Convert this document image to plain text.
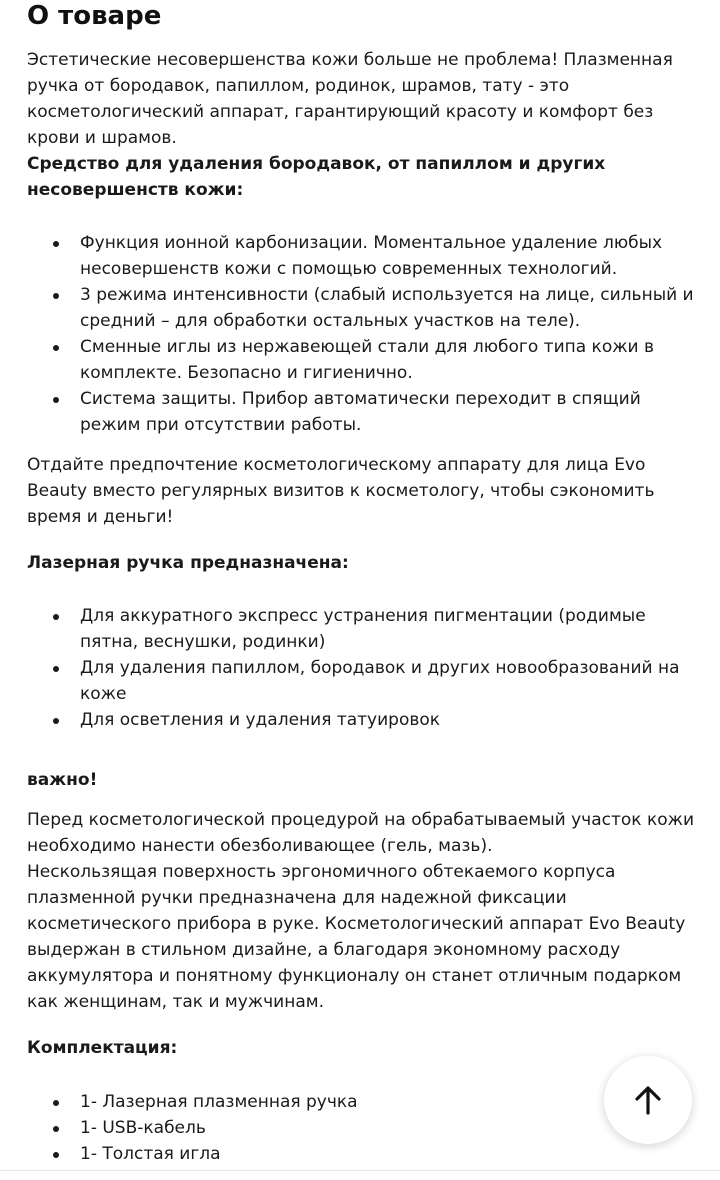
О товаре

Эстетические несовершенства кожи больше не проблема! Плазменная ручка от бородавок, папиллом, родинок, шрамов, тату - это косметологический аппарат, гарантирующий красоту и комфорт без крови и шрамов.

Средство для удаления бородавок, от папиллом и других несовершенств кожи:

Функция ионной карбонизации. Моментальное удаление любых несовершенств кожи с помощью современных технологий.
3 режима интенсивности (слабый используется на лице, сильный и средний – для обработки остальных участков на теле).
Сменные иглы из нержавеющей стали для любого типа кожи в комплекте. Безопасно и гигиенично.
Система защиты. Прибор автоматически переходит в спящий режим при отсутствии работы.

Отдайте предпочтение косметологическому аппарату для лица Evo Beauty вместо регулярных визитов к косметологу, чтобы сэкономить время и деньги!

Лазерная ручка предназначена:

Для аккуратного экспресс устранения пигментации (родимые пятна, веснушки, родинки)
Для удаления папиллом, бородавок и других новообразований на коже
Для осветления и удаления татуировок

важно!

Перед косметологической процедурой на обрабатываемый участок кожи необходимо нанести обезболивающее (гель, мазь).

Нескользящая поверхность эргономичного обтекаемого корпуса плазменной ручки предназначена для надежной фиксации косметического прибора в руке. Косметологический аппарат Evo Beauty выдержан в стильном дизайне, а благодаря экономному расходу аккумулятора и понятному функционалу он станет отличным подарком как женщинам, так и мужчинам.

Комплектация:

1- Лазерная плазменная ручка
1- USB-кабель
1- Толстая игла
